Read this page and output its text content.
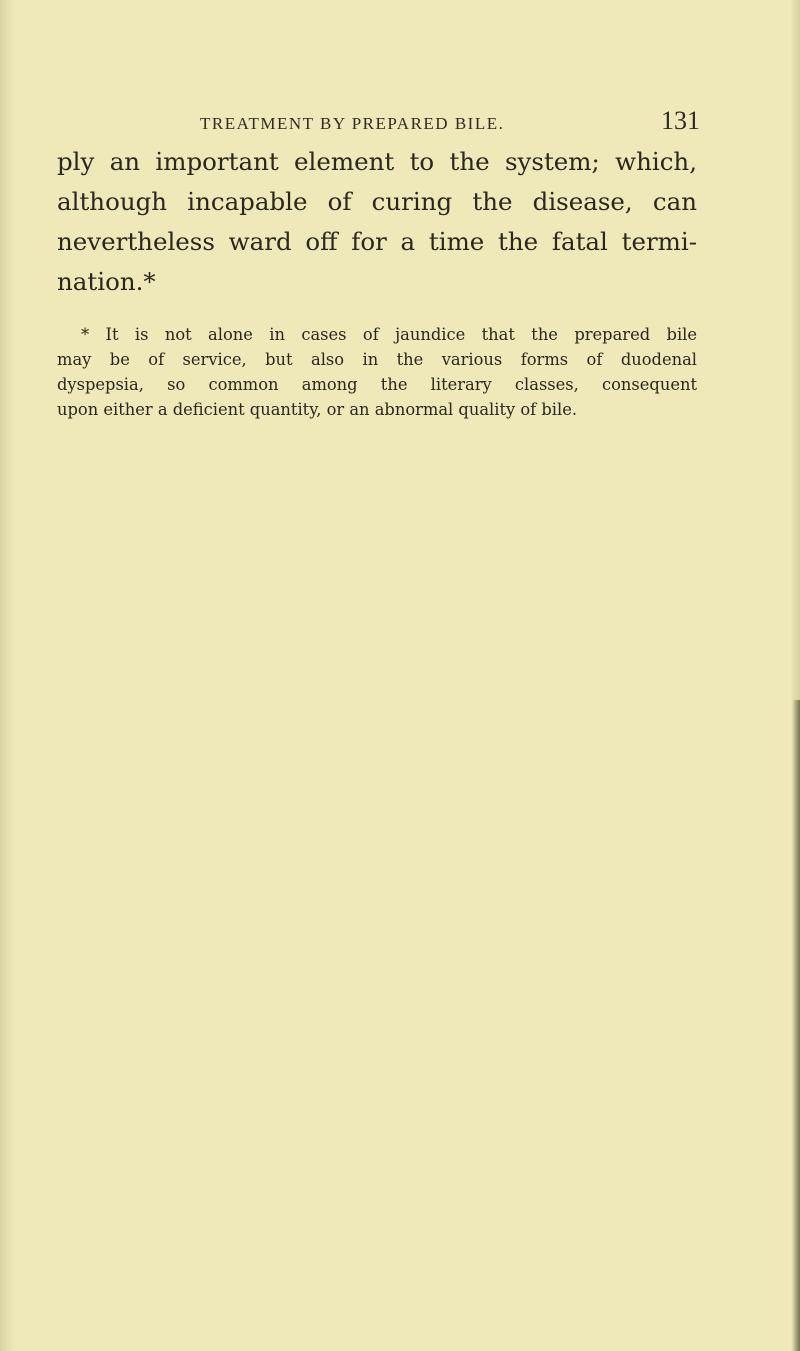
TREATMENT BY PREPARED BILE.	131
ply an important element to the system; which,
although incapable of curing the disease, can
nevertheless ward off for a time the fatal termi-
nation.*
* It is not alone in cases of jaundice that the prepared bile
may be of service, but also in the various forms of duodenal
dyspepsia, so common among the literary classes, consequent
upon either a deficient quantity, or an abnormal quality of bile.
